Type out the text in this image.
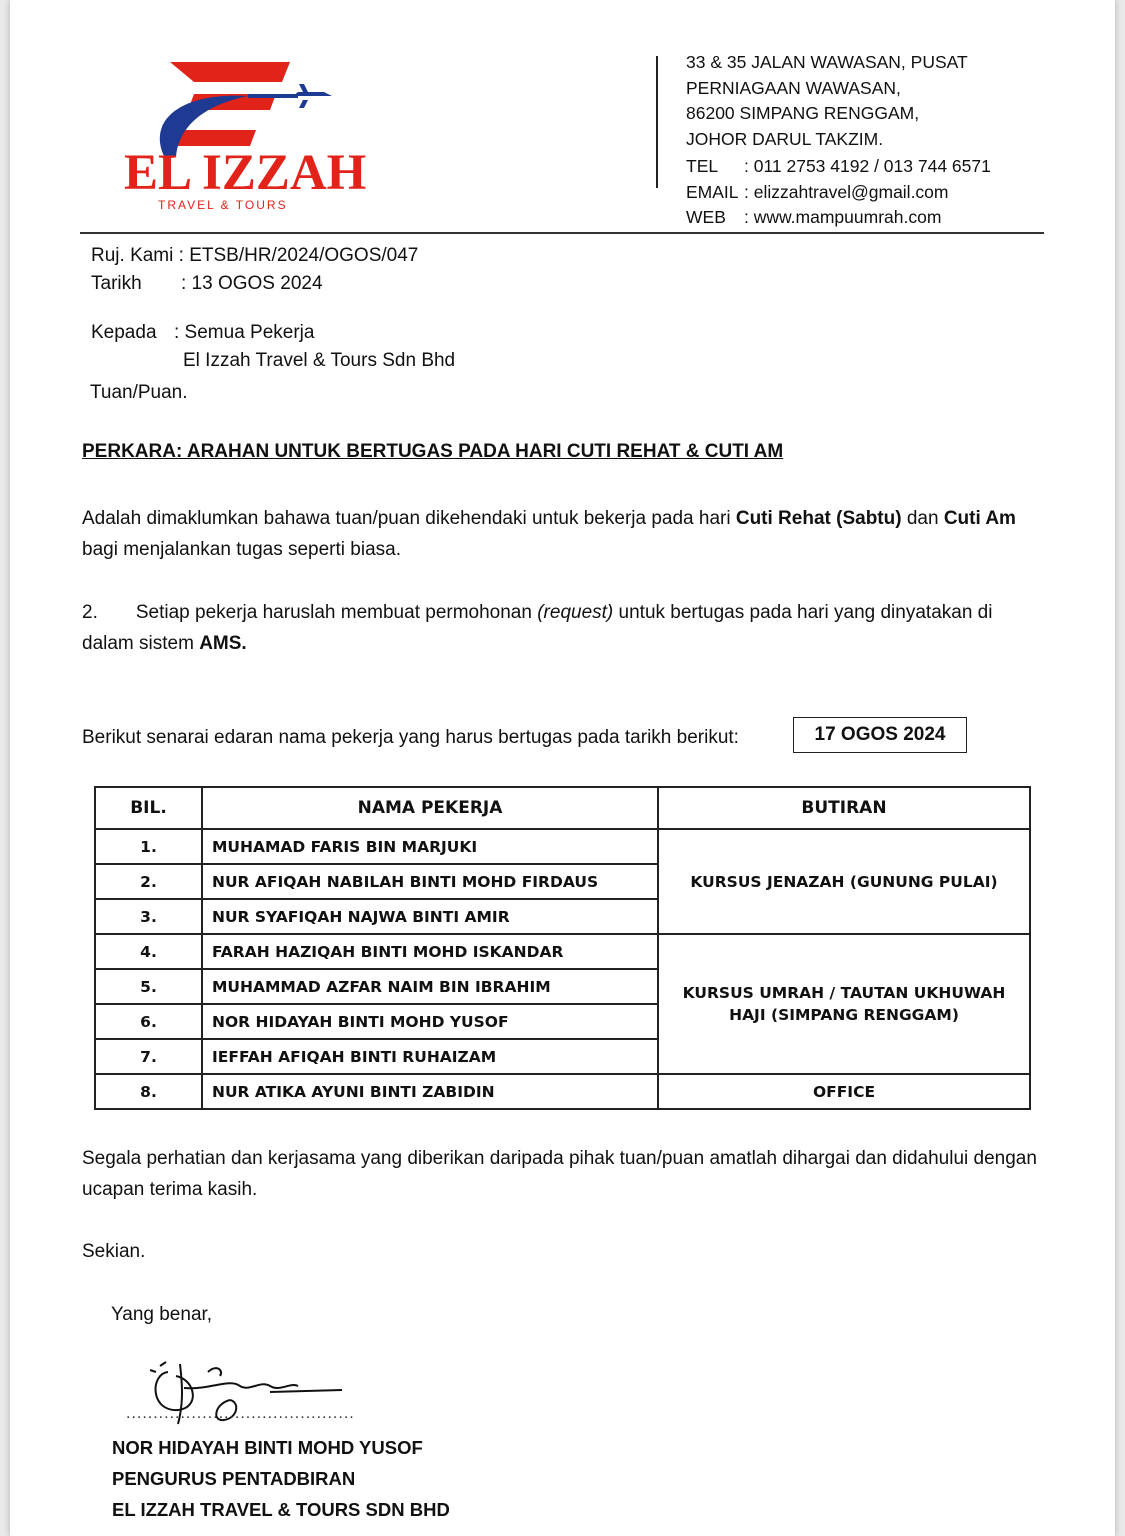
EL IZZAH
TRAVEL & TOURS
33 & 35 JALAN WAWASAN, PUSAT
PERNIAGAAN WAWASAN,
86200 SIMPANG RENGGAM,
JOHOR DARUL TAKZIM.
TEL	: 011 2753 4192 / 013 744 6571
EMAIL : elizzahtravel@gmail.com
WEB	: www.mampuumrah.com
Ruj. Kami : ETSB/HR/2024/OGOS/047
Tarikh : 13 OGOS 2024
Kepada : Semua Pekerja
El Izzah Travel & Tours Sdn Bhd
Tuan/Puan.
PERKARA: ARAHAN UNTUK BERTUGAS PADA HARI CUTI REHAT & CUTI AM
Adalah dimaklumkan bahawa tuan/puan dikehendaki untuk bekerja pada hari Cuti Rehat (Sabtu) dan Cuti Am bagi menjalankan tugas seperti biasa.
2. Setiap pekerja haruslah membuat permohonan (request) untuk bertugas pada hari yang dinyatakan di dalam sistem AMS.
Berikut senarai edaran nama pekerja yang harus bertugas pada tarikh berikut:	17 OGOS 2024
BIL.	NAMA PEKERJA	BUTIRAN
1.	MUHAMAD FARIS BIN MARJUKI	KURSUS JENAZAH (GUNUNG PULAI)
2.	NUR AFIQAH NABILAH BINTI MOHD FIRDAUS	
3.	NUR SYAFIQAH NAJWA BINTI AMIR	
4.	FARAH HAZIQAH BINTI MOHD ISKANDAR	KURSUS UMRAH / TAUTAN UKHUWAH HAJI (SIMPANG RENGGAM)
5.	MUHAMMAD AZFAR NAIM BIN IBRAHIM	
6.	NOR HIDAYAH BINTI MOHD YUSOF	
7.	IEFFAH AFIQAH BINTI RUHAIZAM	
8.	NUR ATIKA AYUNI BINTI ZABIDIN	OFFICE
Segala perhatian dan kerjasama yang diberikan daripada pihak tuan/puan amatlah dihargai dan didahului dengan ucapan terima kasih.
Sekian.
Yang benar,
..........................................
NOR HIDAYAH BINTI MOHD YUSOF
PENGURUS PENTADBIRAN
EL IZZAH TRAVEL & TOURS SDN BHD
